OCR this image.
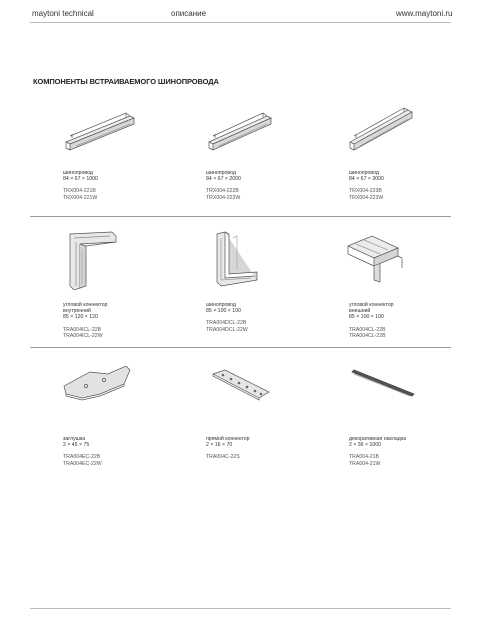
maytoni technical	описание	www.maytoni.ru
КОМПОНЕНТЫ ВСТРАИВАЕМОГО ШИНОПРОВОДА
шинопровод
84 × 67 × 1000
TRX004-221B
TRX004-221W
шинопровод
84 × 67 × 2000
TRX004-222B
TRX004-222W
шинопровод
84 × 67 × 3000
TRX004-223B
TRX004-223W
угловой коннектор
внутренний
85 × 120 × 120
TRA004ICL-22B
TRA004ICL-22W
шинопровод
85 × 100 × 100
TRA004DCL-22B
TRA004DCL-22W
угловой коннектор
внешний
85 × 100 × 100
TRA004CL-22B
TRA004CL-22B
заглушка
2 × 45 × 75
TRA004EC-22B
TRA004EC-22W
прямой коннектор
2 × 16 × 70
TRA004C-22S
декоративная накладка
2 × 36 × 1000
TRA004-21B
TRA004-21W
